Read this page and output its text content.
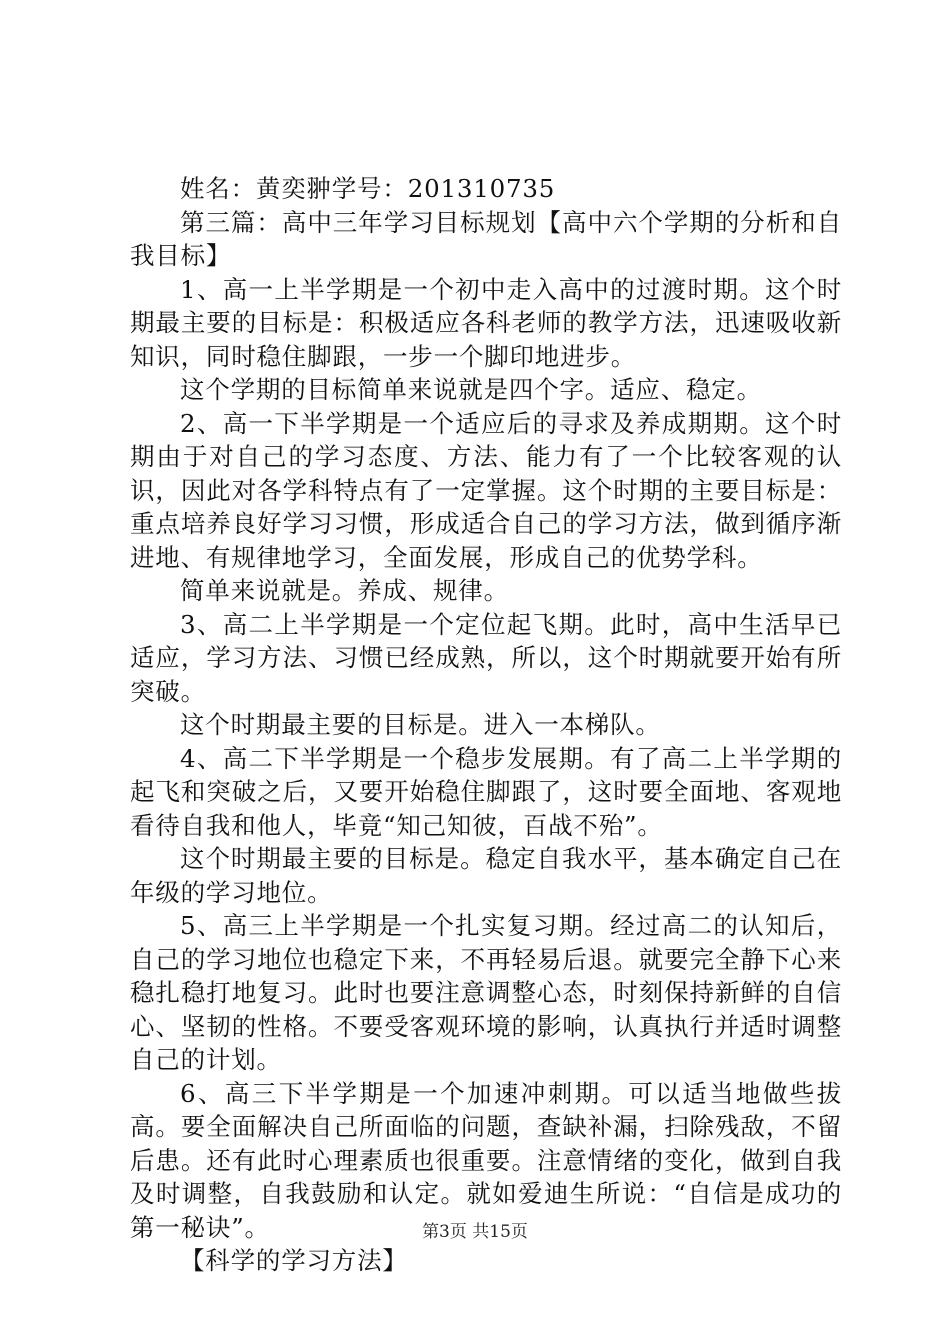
姓名：黄奕翀学号：201310735

第三篇：高中三年学习目标规划【高中六个学期的分析和自我目标】

1、高一上半学期是一个初中走入高中的过渡时期。这个时期最主要的目标是：积极适应各科老师的教学方法，迅速吸收新知识，同时稳住脚跟，一步一个脚印地进步。

这个学期的目标简单来说就是四个字。适应、稳定。

2、高一下半学期是一个适应后的寻求及养成期期。这个时期由于对自己的学习态度、方法、能力有了一个比较客观的认识，因此对各学科特点有了一定掌握。这个时期的主要目标是：重点培养良好学习习惯，形成适合自己的学习方法，做到循序渐进地、有规律地学习，全面发展，形成自己的优势学科。

简单来说就是。养成、规律。

3、高二上半学期是一个定位起飞期。此时，高中生活早已适应，学习方法、习惯已经成熟，所以，这个时期就要开始有所突破。

这个时期最主要的目标是。进入一本梯队。

4、高二下半学期是一个稳步发展期。有了高二上半学期的起飞和突破之后，又要开始稳住脚跟了，这时要全面地、客观地看待自我和他人，毕竟“知己知彼，百战不殆”。

这个时期最主要的目标是。稳定自我水平，基本确定自己在年级的学习地位。

5、高三上半学期是一个扎实复习期。经过高二的认知后，自己的学习地位也稳定下来，不再轻易后退。就要完全静下心来稳扎稳打地复习。此时也要注意调整心态，时刻保持新鲜的自信心、坚韧的性格。不要受客观环境的影响，认真执行并适时调整自己的计划。

6、高三下半学期是一个加速冲刺期。可以适当地做些拔高。要全面解决自己所面临的问题，查缺补漏，扫除残敌，不留后患。还有此时心理素质也很重要。注意情绪的变化，做到自我及时调整，自我鼓励和认定。就如爱迪生所说：“自信是成功的第一秘诀”。

【科学的学习方法】

第3页 共15页
